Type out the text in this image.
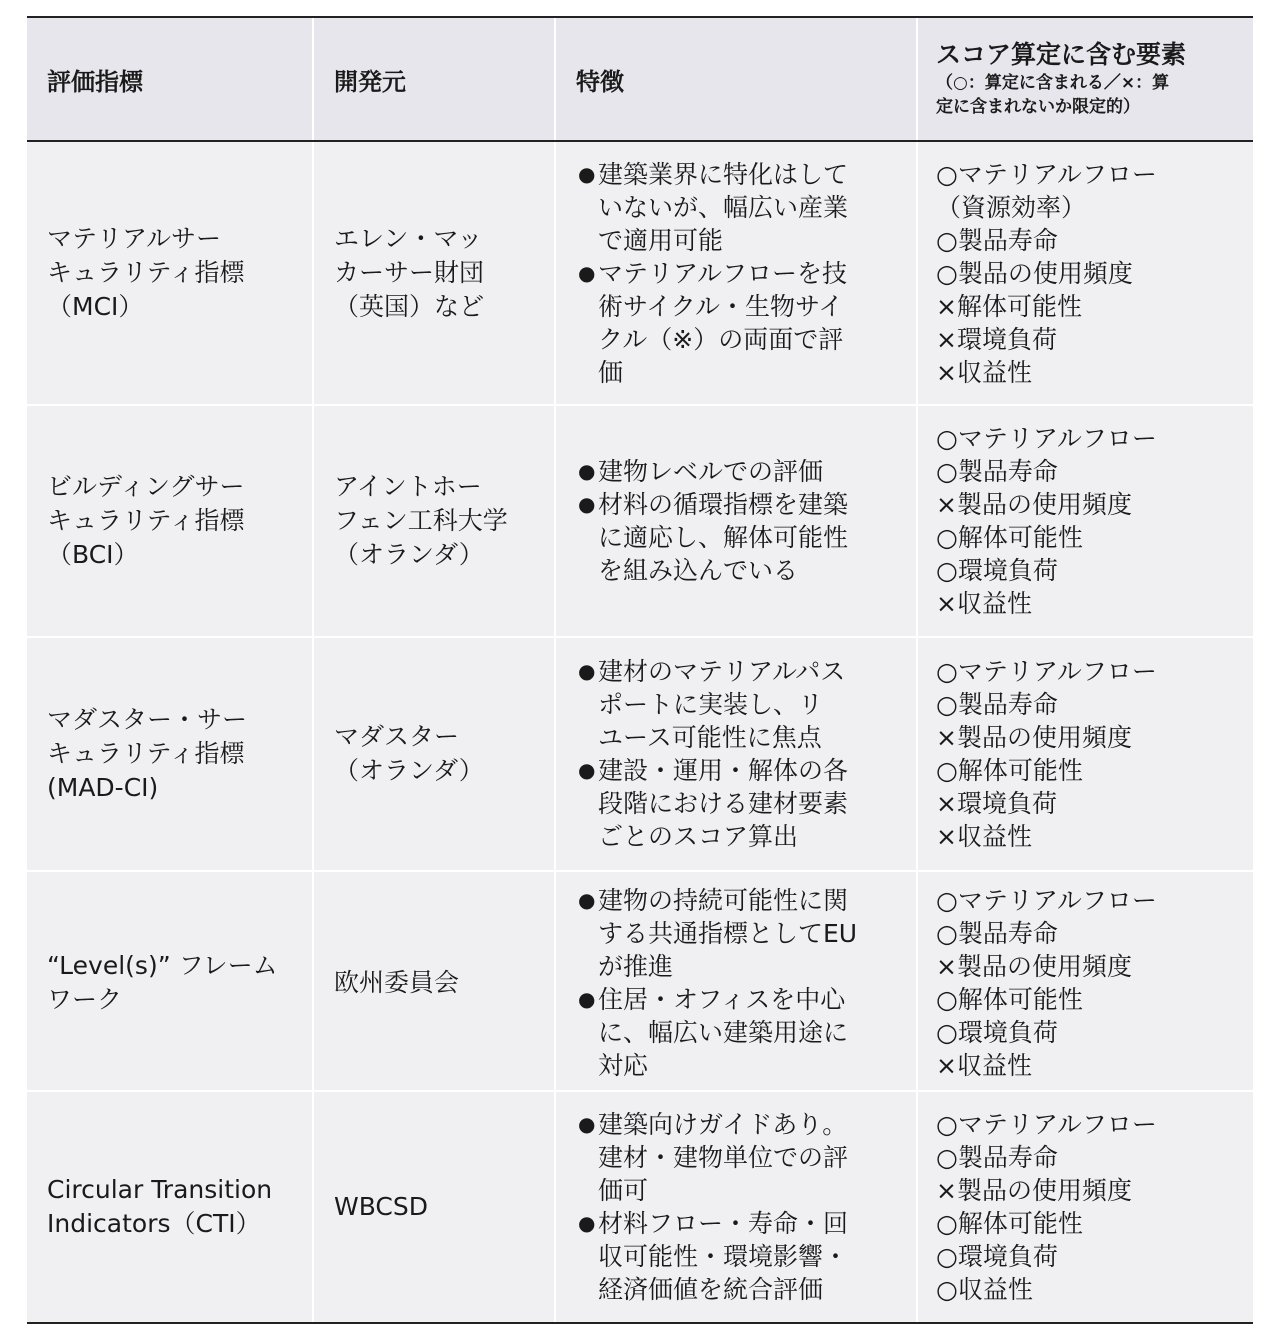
評価指標	開発元	特徴
スコア算定に含む要素
（○：算定に含まれる／×：算
定に含まれないか限定的）
マテリアルサー
キュラリティ指標
（MCI）
エレン・マッ
カーサー財団
（英国）など
● 建築業界に特化はして
いないが、幅広い産業
で適用可能
● マテリアルフローを技
術サイクル・生物サイ
クル（※）の両面で評
価
○マテリアルフロー
（資源効率）
○製品寿命
○製品の使用頻度
×解体可能性
×環境負荷
×収益性
ビルディングサー
キュラリティ指標
（BCI）
アイントホー
フェン工科大学
（オランダ）
● 建物レベルでの評価
● 材料の循環指標を建築
に適応し、解体可能性
を組み込んでいる
○マテリアルフロー
○製品寿命
×製品の使用頻度
○解体可能性
○環境負荷
×収益性
マダスター・サー
キュラリティ指標
(MAD-CI)
マダスター
（オランダ）
● 建材のマテリアルパス
ポートに実装し、リ
ユース可能性に焦点
● 建設・運用・解体の各
段階における建材要素
ごとのスコア算出
○マテリアルフロー
○製品寿命
×製品の使用頻度
○解体可能性
×環境負荷
×収益性
“Level(s)” フレーム
ワーク
欧州委員会
● 建物の持続可能性に関
する共通指標としてEU
が推進
● 住居・オフィスを中心
に、幅広い建築用途に
対応
○マテリアルフロー
○製品寿命
×製品の使用頻度
○解体可能性
○環境負荷
×収益性
Circular Transition
Indicators（CTI）
WBCSD
● 建築向けガイドあり。
建材・建物単位での評
価可
● 材料フロー・寿命・回
収可能性・環境影響・
経済価値を統合評価
○マテリアルフロー
○製品寿命
×製品の使用頻度
○解体可能性
○環境負荷
○収益性
